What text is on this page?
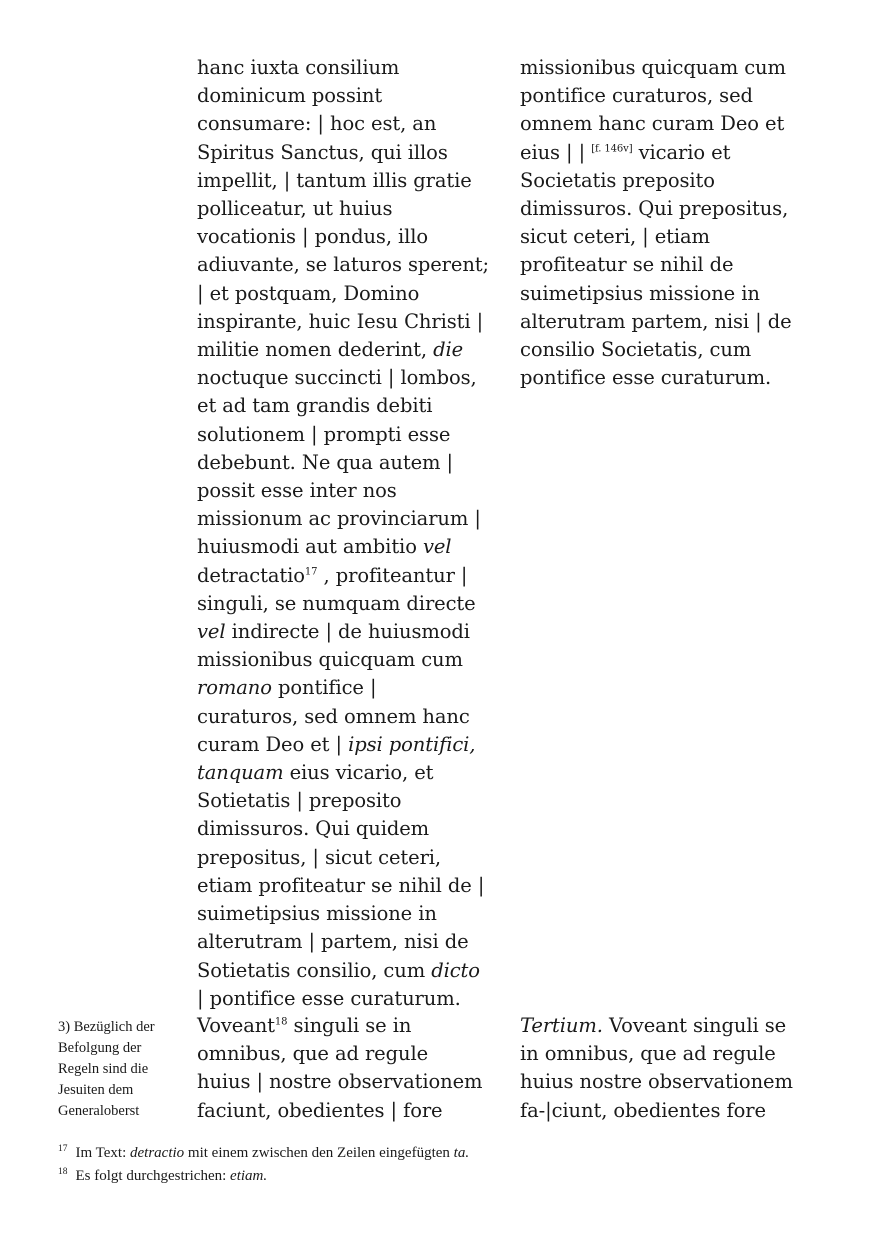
hanc iuxta consilium
dominicum possint
consumare: | hoc est, an
Spiritus Sanctus, qui illos
impellit, | tantum illis gratie
polliceatur, ut huius
vocationis | pondus, illo
adiuvante, se laturos sperent;
| et postquam, Domino
inspirante, huic Iesu Christi |
militie nomen dederint, die
noctuque succincti | lombos,
et ad tam grandis debiti
solutionem | prompti esse
debebunt. Ne qua autem |
possit esse inter nos
missionum ac provinciarum |
huiusmodi aut ambitio vel
detractatio$^{17}$ , profiteantur |
singuli, se numquam directe
vel indirecte | de huiusmodi
missionibus quicquam cum
romano pontifice |
curaturos, sed omnem hanc
curam Deo et | ipsi pontifici,
tanquam eius vicario, et
Sotietatis | preposito
dimissuros. Qui quidem
prepositus, | sicut ceteri,
etiam profiteatur se nihil de |
suimetipsius missione in
alterutram | partem, nisi de
Sotietatis consilio, cum dicto
| pontifice esse curaturum.
missionibus quicquam cum
pontifice curaturos, sed
omnem hanc curam Deo et
eius | | [f. 146v] vicario et
Societatis preposito
dimissuros. Qui prepositus,
sicut ceteri, | etiam
profiteatur se nihil de
suimetipsius missione in
alterutram partem, nisi | de
consilio Societatis, cum
pontifice esse curaturum.
3) Bezüglich der
Befolgung der
Regeln sind die
Jesuiten dem
Generaloberst
Voveant$^{18}$ singuli se in
omnibus, que ad regule
huius | nostre observationem
faciunt, obedientes | fore
Tertium. Voveant singuli se
in omnibus, que ad regule
huius nostre observationem
fa-|ciunt, obedientes fore
$^{17}$ Im Text: detractio mit einem zwischen den Zeilen eingefügten ta.
$^{18}$ Es folgt durchgestrichen: etiam.
